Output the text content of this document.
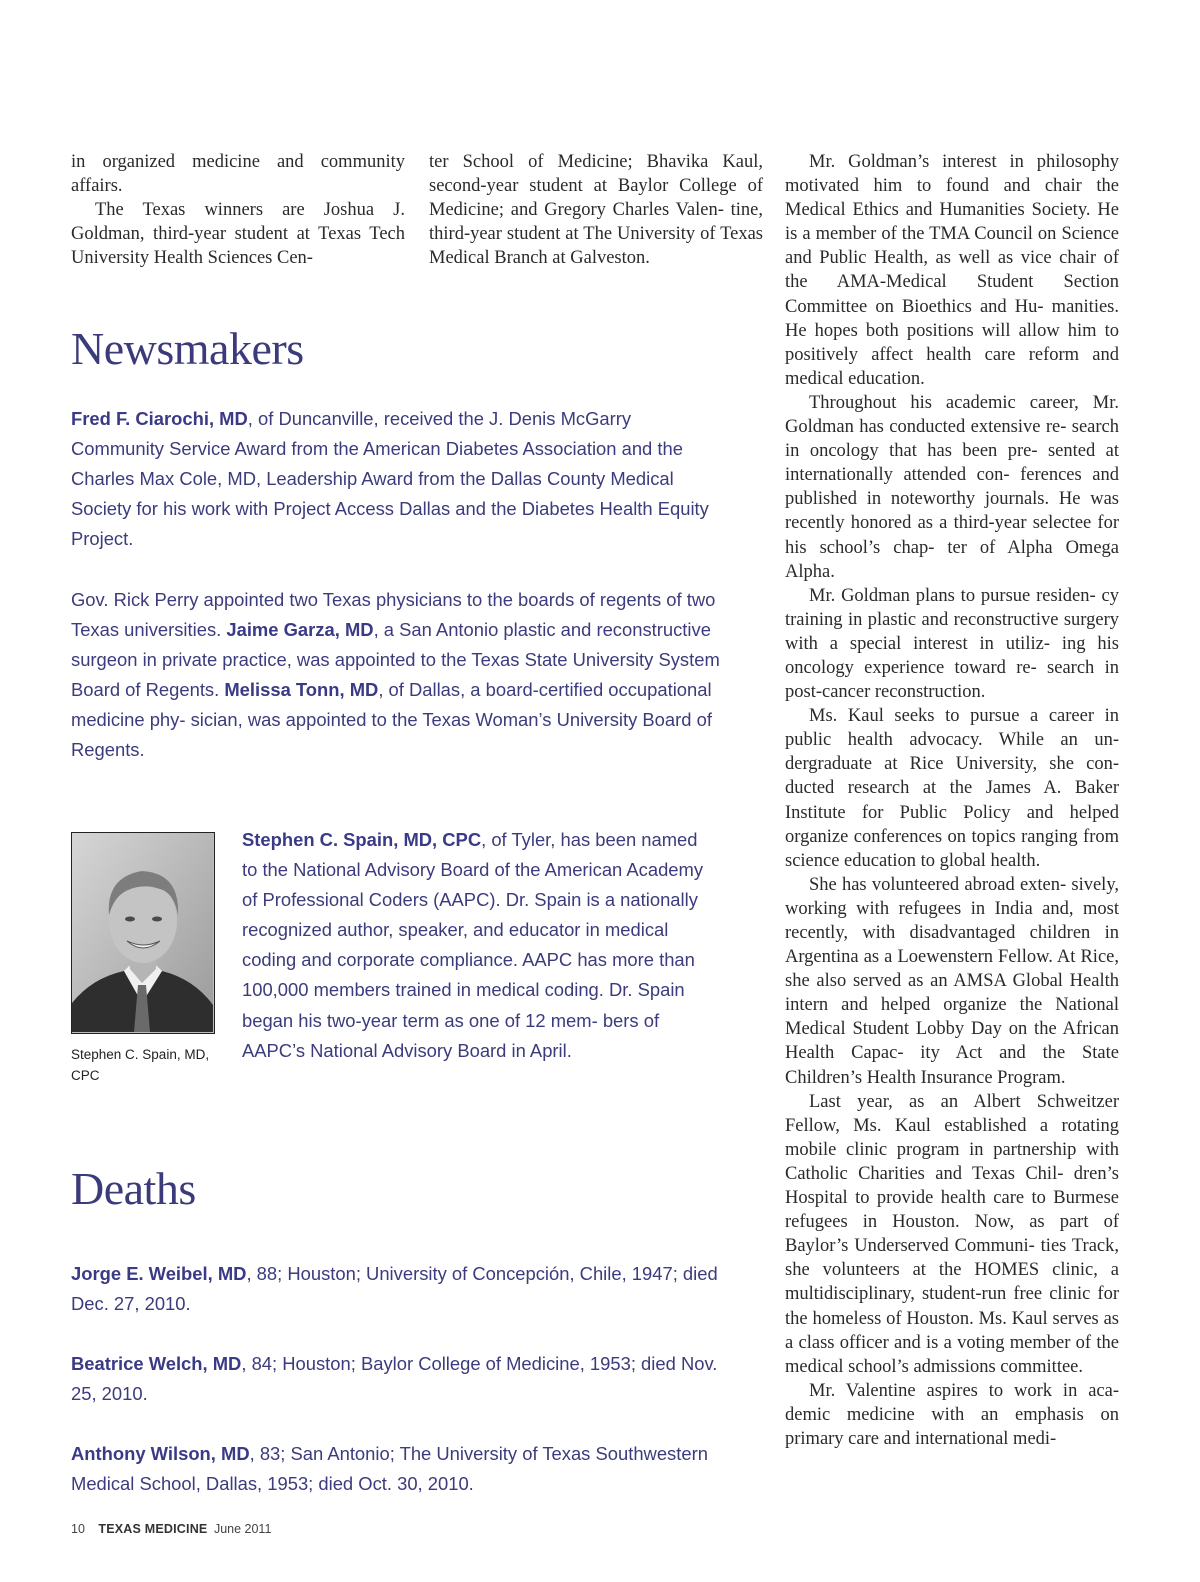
in organized medicine and community affairs.

The Texas winners are Joshua J. Goldman, third-year student at Texas Tech University Health Sciences Cen-

ter School of Medicine; Bhavika Kaul, second-year student at Baylor College of Medicine; and Gregory Charles Valen- tine, third-year student at The University of Texas Medical Branch at Galveston.

Mr. Goldman’s interest in philosophy motivated him to found and chair the Medical Ethics and Humanities Society. He is a member of the TMA Council on Science and Public Health, as well as vice chair of the AMA-Medical Student Section Committee on Bioethics and Hu- manities. He hopes both positions will allow him to positively affect health care reform and medical education.

Throughout his academic career, Mr. Goldman has conducted extensive re- search in oncology that has been pre- sented at internationally attended con- ferences and published in noteworthy journals. He was recently honored as a third-year selectee for his school’s chap- ter of Alpha Omega Alpha.

Mr. Goldman plans to pursue residen- cy training in plastic and reconstructive surgery with a special interest in utiliz- ing his oncology experience toward re- search in post-cancer reconstruction.

Ms. Kaul seeks to pursue a career in public health advocacy. While an un- dergraduate at Rice University, she con- ducted research at the James A. Baker Institute for Public Policy and helped organize conferences on topics ranging from science education to global health.

She has volunteered abroad exten- sively, working with refugees in India and, most recently, with disadvantaged children in Argentina as a Loewenstern Fellow. At Rice, she also served as an AMSA Global Health intern and helped organize the National Medical Student Lobby Day on the African Health Capac- ity Act and the State Children’s Health Insurance Program.

Last year, as an Albert Schweitzer Fellow, Ms. Kaul established a rotating mobile clinic program in partnership with Catholic Charities and Texas Chil- dren’s Hospital to provide health care to Burmese refugees in Houston. Now, as part of Baylor’s Underserved Communi- ties Track, she volunteers at the HOMES clinic, a multidisciplinary, student-run free clinic for the homeless of Houston. Ms. Kaul serves as a class officer and is a voting member of the medical school’s admissions committee.

Mr. Valentine aspires to work in aca- demic medicine with an emphasis on primary care and international medi-

Newsmakers

Fred F. Ciarochi, MD, of Duncanville, received the J. Denis McGarry Community Service Award from the American Diabetes Association and the Charles Max Cole, MD, Leadership Award from the Dallas County Medical Society for his work with Project Access Dallas and the Diabetes Health Equity Project.

Gov. Rick Perry appointed two Texas physicians to the boards of regents of two Texas universities. Jaime Garza, MD, a San Antonio plastic and reconstructive surgeon in private practice, was appointed to the Texas State University System Board of Regents. Melissa Tonn, MD, of Dallas, a board-certified occupational medicine phy- sician, was appointed to the Texas Woman’s University Board of Regents.

Stephen C. Spain, MD, CPC

Stephen C. Spain, MD, CPC, of Tyler, has been named to the National Advisory Board of the American Academy of Professional Coders (AAPC). Dr. Spain is a nationally recognized author, speaker, and educator in medical coding and corporate compliance. AAPC has more than 100,000 members trained in medical coding. Dr. Spain began his two-year term as one of 12 mem- bers of AAPC’s National Advisory Board in April.

Deaths

Jorge E. Weibel, MD, 88; Houston; University of Concepción, Chile, 1947; died Dec. 27, 2010.

Beatrice Welch, MD, 84; Houston; Baylor College of Medicine, 1953; died Nov. 25, 2010.

Anthony Wilson, MD, 83; San Antonio; The University of Texas Southwestern Medical School, Dallas, 1953; died Oct. 30, 2010.

10 TEXAS MEDICINE June 2011
